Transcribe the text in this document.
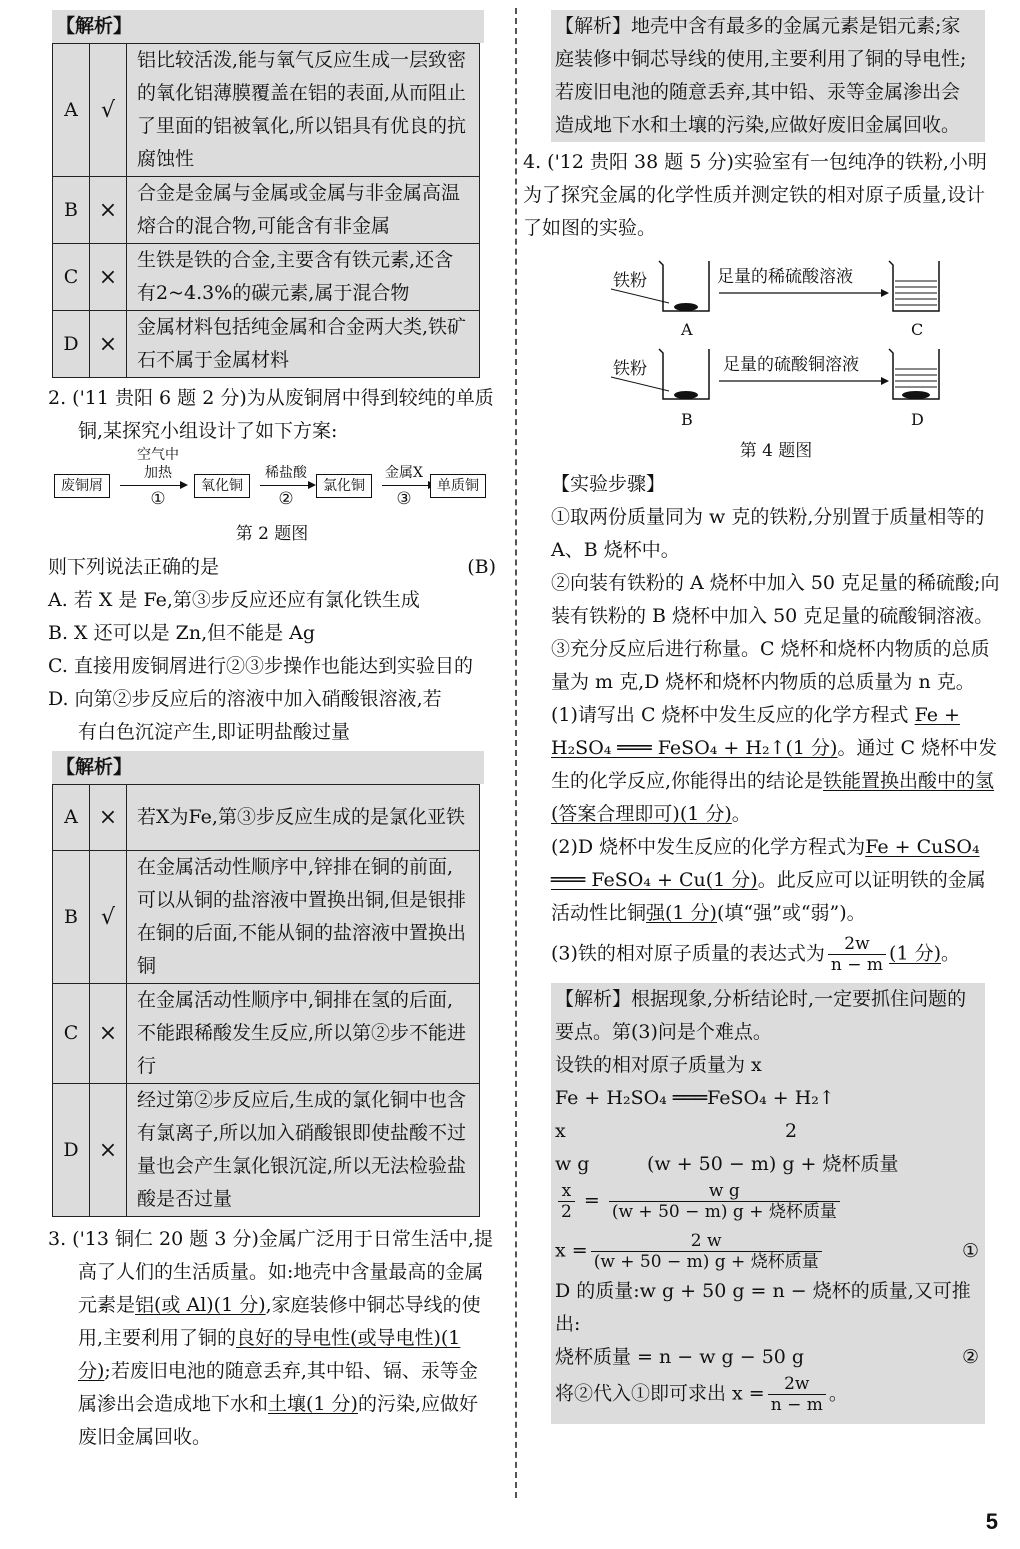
【解析】
A	√	铝比较活泼,能与氧气反应生成一层致密的氧化铝薄膜覆盖在铝的表面,从而阻止了里面的铝被氧化,所以铝具有优良的抗腐蚀性
B	×	合金是金属与金属或金属与非金属高温熔合的混合物,可能含有非金属
C	×	生铁是铁的合金,主要含有铁元素,还含有2~4.3%的碳元素,属于混合物
D	×	金属材料包括纯金属和合金两大类,铁矿石不属于金属材料
2. ('11 贵阳 6 题 2 分)为从废铜屑中得到较纯的单质铜,某探究小组设计了如下方案:
废铜屑
空气中
加热
①
氧化铜
稀盐酸
②
氯化铜
金属X
③
单质铜
第 2 题图
则下列说法正确的是	(B)
A. 若 X 是 Fe,第③步反应还应有氯化铁生成
B. X 还可以是 Zn,但不能是 Ag
C. 直接用废铜屑进行②③步操作也能达到实验目的
D. 向第②步反应后的溶液中加入硝酸银溶液,若
有白色沉淀产生,即证明盐酸过量
【解析】
A	×	若X为Fe,第③步反应生成的是氯化亚铁
B	√	在金属活动性顺序中,锌排在铜的前面,可以从铜的盐溶液中置换出铜,但是银排在铜的后面,不能从铜的盐溶液中置换出铜
C	×	在金属活动性顺序中,铜排在氢的后面,不能跟稀酸发生反应,所以第②步不能进行
D	×	经过第②步反应后,生成的氯化铜中也含有氯离子,所以加入硝酸银即使盐酸不过量也会产生氯化银沉淀,所以无法检验盐酸是否过量
3. ('13 铜仁 20 题 3 分)金属广泛用于日常生活中,提高了人们的生活质量。如:地壳中含量最高的金属元素是铝(或 Al)(1 分),家庭装修中铜芯导线的使用,主要利用了铜的良好的导电性(或导电性)(1 分);若废旧电池的随意丢弃,其中铅、镉、汞等金属渗出会造成地下水和土壤(1 分)的污染,应做好废旧金属回收。
【解析】地壳中含有最多的金属元素是铝元素;家庭装修中铜芯导线的使用,主要利用了铜的导电性;若废旧电池的随意丢弃,其中铅、汞等金属渗出会造成地下水和土壤的污染,应做好废旧金属回收。
4. ('12 贵阳 38 题 5 分)实验室有一包纯净的铁粉,小明为了探究金属的化学性质并测定铁的相对原子质量,设计了如图的实验。
铁粉	足量的稀硫酸溶液
A	C
铁粉	足量的硫酸铜溶液
B	D
第 4 题图
【实验步骤】
①取两份质量同为 w 克的铁粉,分别置于质量相等的 A、B 烧杯中。
②向装有铁粉的 A 烧杯中加入 50 克足量的稀硫酸;向装有铁粉的 B 烧杯中加入 50 克足量的硫酸铜溶液。
③充分反应后进行称量。C 烧杯和烧杯内物质的总质量为 m 克,D 烧杯和烧杯内物质的总质量为 n 克。
(1)请写出 C 烧杯中发生反应的化学方程式 Fe + H₂SO₄ ═══ FeSO₄ + H₂↑(1 分)。通过 C 烧杯中发生的化学反应,你能得出的结论是铁能置换出酸中的氢(答案合理即可)(1 分)。
(2)D 烧杯中发生反应的化学方程式为Fe + CuSO₄ ═══ FeSO₄ + Cu(1 分)。此反应可以证明铁的金属活动性比铜强(1 分)(填“强”或“弱”)。
(3)铁的相对原子质量的表达式为 $\frac{2w}{n - m} (1$ 分)。
【解析】根据现象,分析结论时,一定要抓住问题的要点。第(3)问是个难点。
设铁的相对原子质量为 x
Fe + H₂SO₄ ═══FeSO₄ + H₂↑
x	2
w g	(w + 50 − m) g + 烧杯质量
$\frac{x}{2} = \frac{\text{w g}}{\text{(w + 50 − m) g + 烧杯质量}}$
$x = \frac{2 w}{\text{(w + 50 − m) g + 烧杯质量}}$	①
D 的质量:w g + 50 g = n − 烧杯的质量,又可推出:
烧杯质量 = n − w g − 50 g	②
将②代入①即可求出 $x = \frac{2w}{n - m}$ 。
5
